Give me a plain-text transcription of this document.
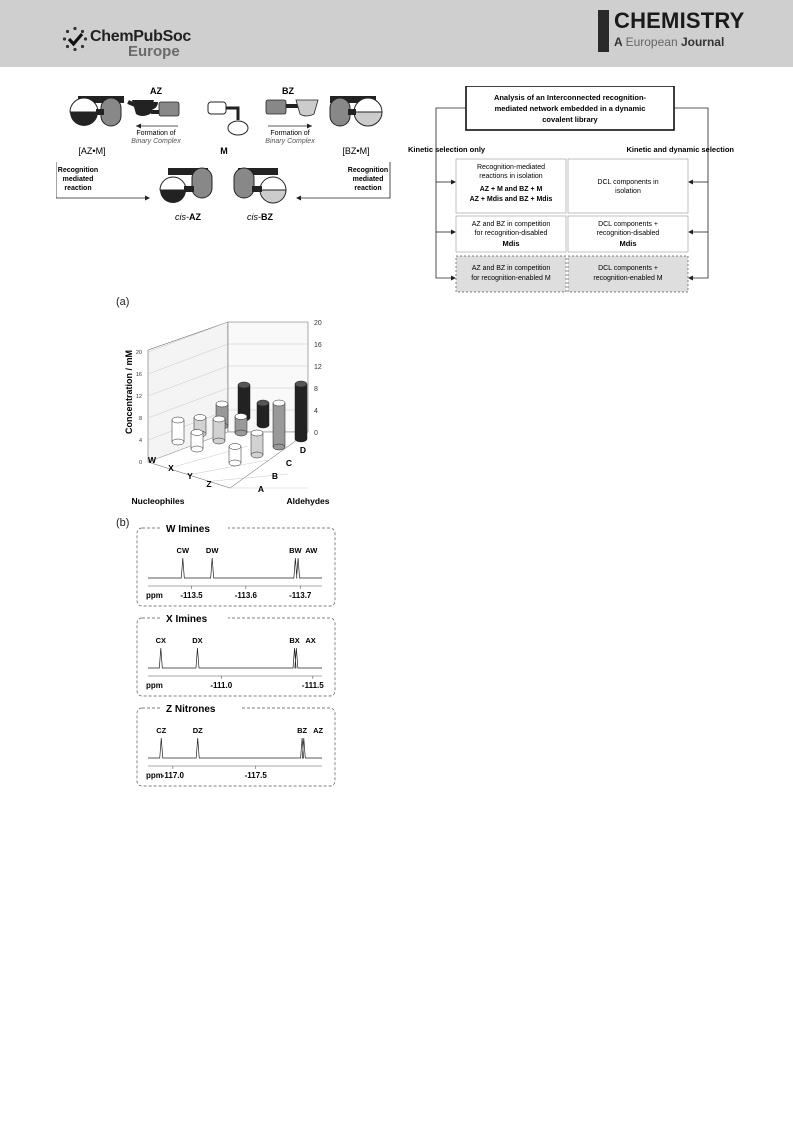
ChemPubSoc
Europe
CHEMISTRY
A European Journal
AZ
Formation of
Binary Complex
[AZ•M]	M
BZ
Formation of
Binary Complex
[BZ•M]
Recognition
mediated
reaction
cis-AZ	cis-BZ
Recognition
mediated
reaction
Analysis of an Interconnected recognition-
mediated network embedded in a dynamic
covalent library
Kinetic selection only	Kinetic and dynamic selection
Recognition-mediated
reactions in isolation
AZ + M and BZ + M
AZ + Mdis and BZ + Mdis
DCL components in
isolation
AZ and BZ in competition
for recognition-disabled
Mdis
DCL components +
recognition-disabled
Mdis
AZ and BZ in competition
for recognition-enabled M
DCL components +
recognition-enabled M
(a)
0
0
4
4
8
8
12
12
16
16
20
20
W
X
Y
Z	A
B
C
D
Concentration / mM
Nucleophiles	Aldehydes
(b)
W Imines
CW DW	BW AW
-113.5	-113.6	-113.7
ppm
X Imines
CX	DX	BX AX
-111.0	-111.5
ppm
Z Nitrones
CZ	DZ	BZ AZ
-117.0	-117.5
ppm
